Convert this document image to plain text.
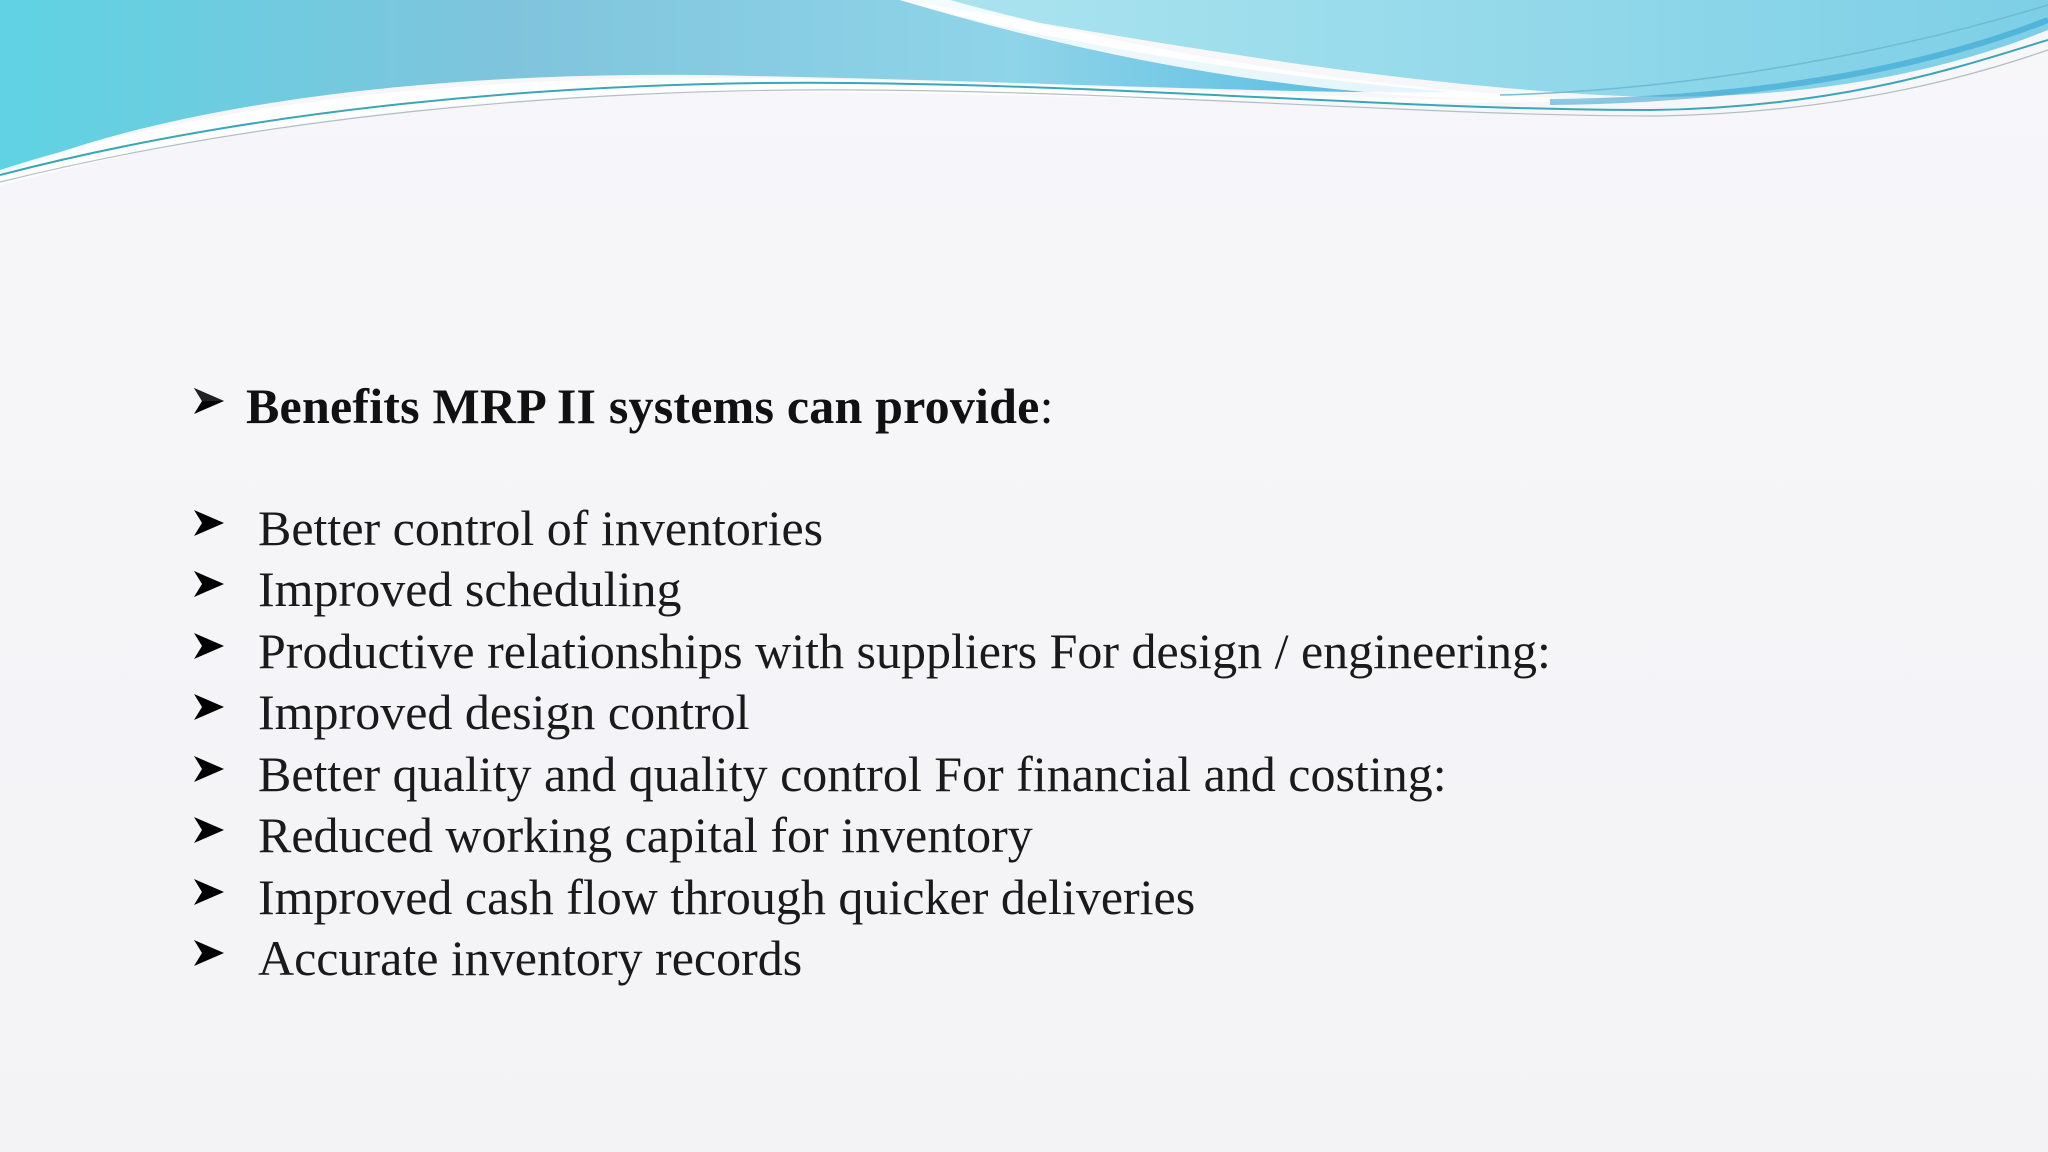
Benefits MRP II systems can provide :
Better control of inventories
Improved scheduling
Productive relationships with suppliers For design / engineering:
Improved design control
Better quality and quality control For financial and costing:
Reduced working capital for inventory
Improved cash flow through quicker deliveries
Accurate inventory records
